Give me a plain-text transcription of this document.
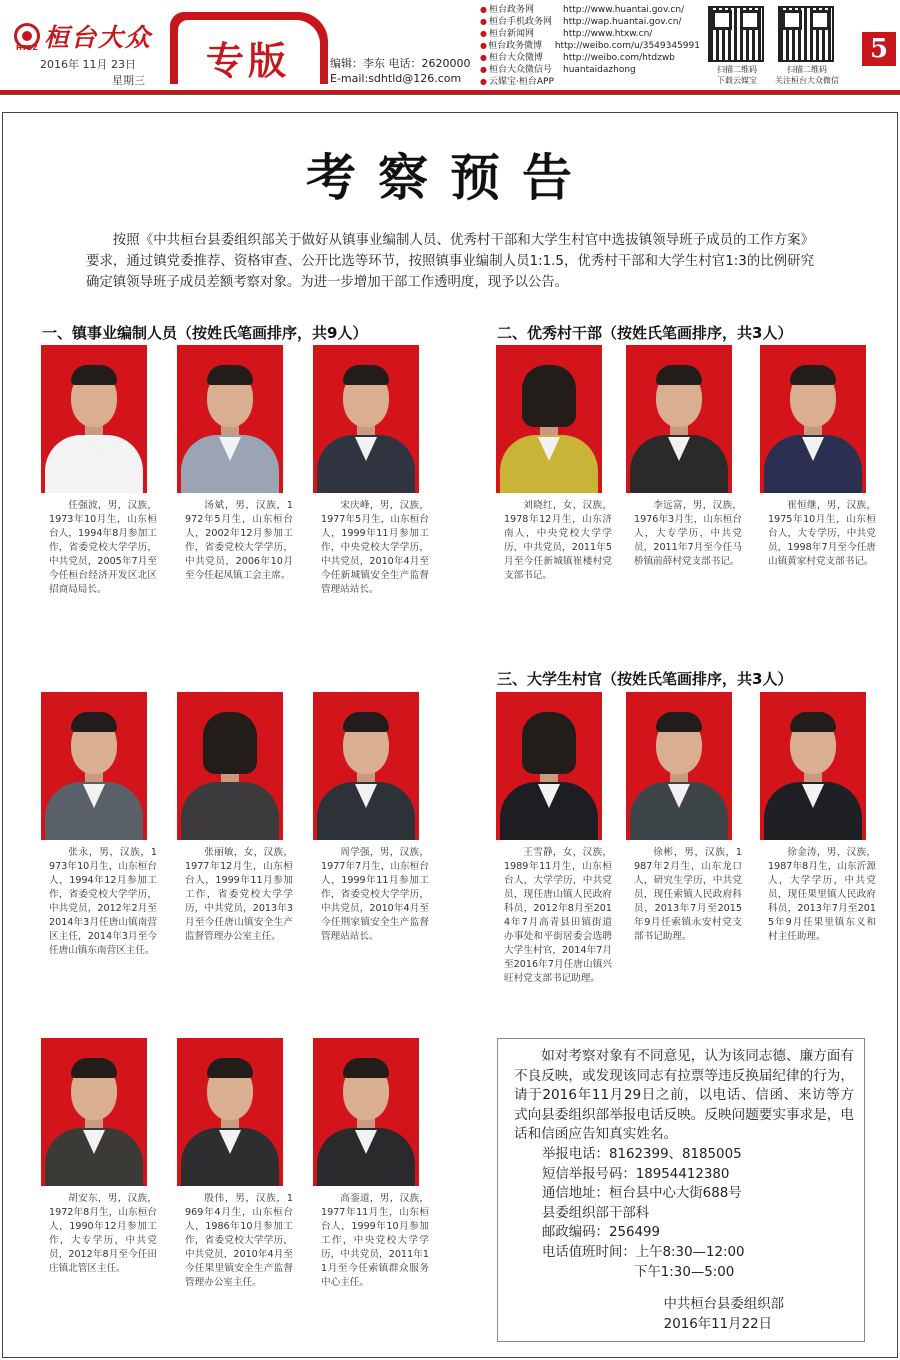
桓台大众
HTDZ
2016年 11月 23日
星期三 专版	编辑：李东 电话：2620000
E-mail:sdhtld@126.com
● 桓台政务网	http://www.huantai.gov.cn/
● 桓台手机政务网	http://wap.huantai.gov.cn/
● 桓台新闻网	http://www.htxw.cn/
● 桓台政务微博	http://weibo.com/u/3549345991
● 桓台大众微博	http://weibo.com/htdzwb
● 桓台大众微信号	huantaidazhong
● 云媒宝·桓台APP
扫描二维码
下载云媒宝
扫描二维码
关注桓台大众微信
5
考察预告

按照《中共桓台县委组织部关于做好从镇事业编制人员、优秀村干部和大学生村官中选拔镇领导班子成员的工作方案》要求，通过镇党委推荐、资格审查、公开比选等环节，按照镇事业编制人员1:1.5，优秀村干部和大学生村官1:3的比例研究确定镇领导班子成员差额考察对象。为进一步增加干部工作透明度，现予以公告。

一、镇事业编制人员（按姓氏笔画排序，共9人）	二、优秀村干部（按姓氏笔画排序，共3人）
三、大学生村官（按姓氏笔画排序，共3人）
任强波，男，汉族，1973年10月生，山东桓台人，1994年8月参加工作，省委党校大学学历，中共党员，2005年7月至今任桓台经济开发区北区招商局局长。
汤斌，男，汉族，1972年5月生，山东桓台人，2002年12月参加工作，省委党校大学学历，中共党员，2006年10月至今任起凤镇工会主席。
宋庆峰，男，汉族，1977年5月生，山东桓台人，1999年11月参加工作，中央党校大学学历，中共党员，2010年4月至今任新城镇安全生产监督管理站站长。
张永，男，汉族，1973年10月生，山东桓台人，1994年12月参加工作，省委党校大学学历，中共党员，2012年2月至2014年3月任唐山镇南营区主任，2014年3月至今任唐山镇东南营区主任。
张丽敏，女，汉族，1977年12月生，山东桓台人，1999年11月参加工作，省委党校大学学历，中共党员，2013年3月至今任唐山镇安全生产监督管理办公室主任。
周学强，男，汉族，1977年7月生，山东桓台人，1999年11月参加工作，省委党校大学学历，中共党员，2010年4月至今任荆家镇安全生产监督管理站站长。
胡安东，男，汉族，1972年8月生，山东桓台人，1990年12月参加工作，大专学历，中共党员，2012年8月至今任田庄镇北管区主任。
殷伟，男，汉族，1969年4月生，山东桓台人，1986年10月参加工作，省委党校大学学历，中共党员，2010年4月至今任果里镇安全生产监督管理办公室主任。
高銮道，男，汉族，1977年11月生，山东桓台人，1999年10月参加工作，中央党校大学学历，中共党员，2011年11月至今任索镇群众服务中心主任。
刘晓红，女，汉族，1978年12月生，山东济南人，中央党校大学学历，中共党员，2011年5月至今任新城镇崔楼村党支部书记。
李远富，男，汉族，1976年3月生，山东桓台人，大专学历，中共党员，2011年7月至今任马桥镇前薛村党支部书记。
崔恒继，男，汉族，1975年10月生，山东桓台人，大专学历，中共党员，1998年7月至今任唐山镇黄家村党支部书记。
王雪静，女，汉族，1989年11月生，山东桓台人，大学学历，中共党员，现任唐山镇人民政府科员，2012年8月至2014年7月高青县田镇街道办事处和平街居委会选聘大学生村官，2014年7月至2016年7月任唐山镇兴旺村党支部书记助理。
徐彬，男，汉族，1987年2月生，山东龙口人，研究生学历，中共党员，现任索镇人民政府科员，2013年7月至2015年9月任索镇永安村党支部书记助理。
徐金涛，男，汉族，1987年8月生，山东沂源人，大学学历，中共党员，现任果里镇人民政府科员，2013年7月至2015年9月任果里镇东义和村主任助理。

如对考察对象有不同意见，认为该同志德、廉方面有不良反映，或发现该同志有拉票等违反换届纪律的行为，请于2016年11月29日之前，以电话、信函、来访等方式向县委组织部举报电话反映。反映问题要实事求是，电话和信函应告知真实姓名。

举报电话：8162399、8185005
短信举报号码：18954412380
通信地址：桓台县中心大街688号
县委组织部干部科
邮政编码：256499
电话值班时间：上午8:30—12:00
下午1:30—5:00
中共桓台县委组织部
2016年11月22日
